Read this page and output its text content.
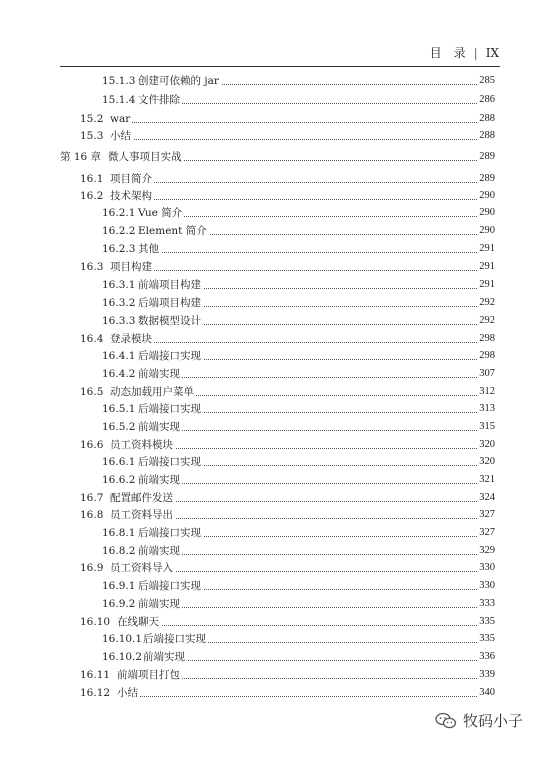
目　录 | IX
15.1.3 创建可依赖的 jar	285
15.1.4 文件排除	286
15.2 war	288
15.3 小结	288
第 16 章 微人事项目实战	289
16.1 项目简介	289
16.2 技术架构	290
16.2.1 Vue 简介	290
16.2.2 Element 简介	290
16.2.3 其他	291
16.3 项目构建	291
16.3.1 前端项目构建	291
16.3.2 后端项目构建	292
16.3.3 数据模型设计	292
16.4 登录模块	298
16.4.1 后端接口实现	298
16.4.2 前端实现	307
16.5 动态加载用户菜单	312
16.5.1 后端接口实现	313
16.5.2 前端实现	315
16.6 员工资料模块	320
16.6.1 后端接口实现	320
16.6.2 前端实现	321
16.7 配置邮件发送	324
16.8 员工资料导出	327
16.8.1 后端接口实现	327
16.8.2 前端实现	329
16.9 员工资料导入	330
16.9.1 后端接口实现	330
16.9.2 前端实现	333
16.10 在线聊天	335
16.10.1 后端接口实现	335
16.10.2 前端实现	336
16.11 前端项目打包	339
16.12 小结	340
牧码小子
